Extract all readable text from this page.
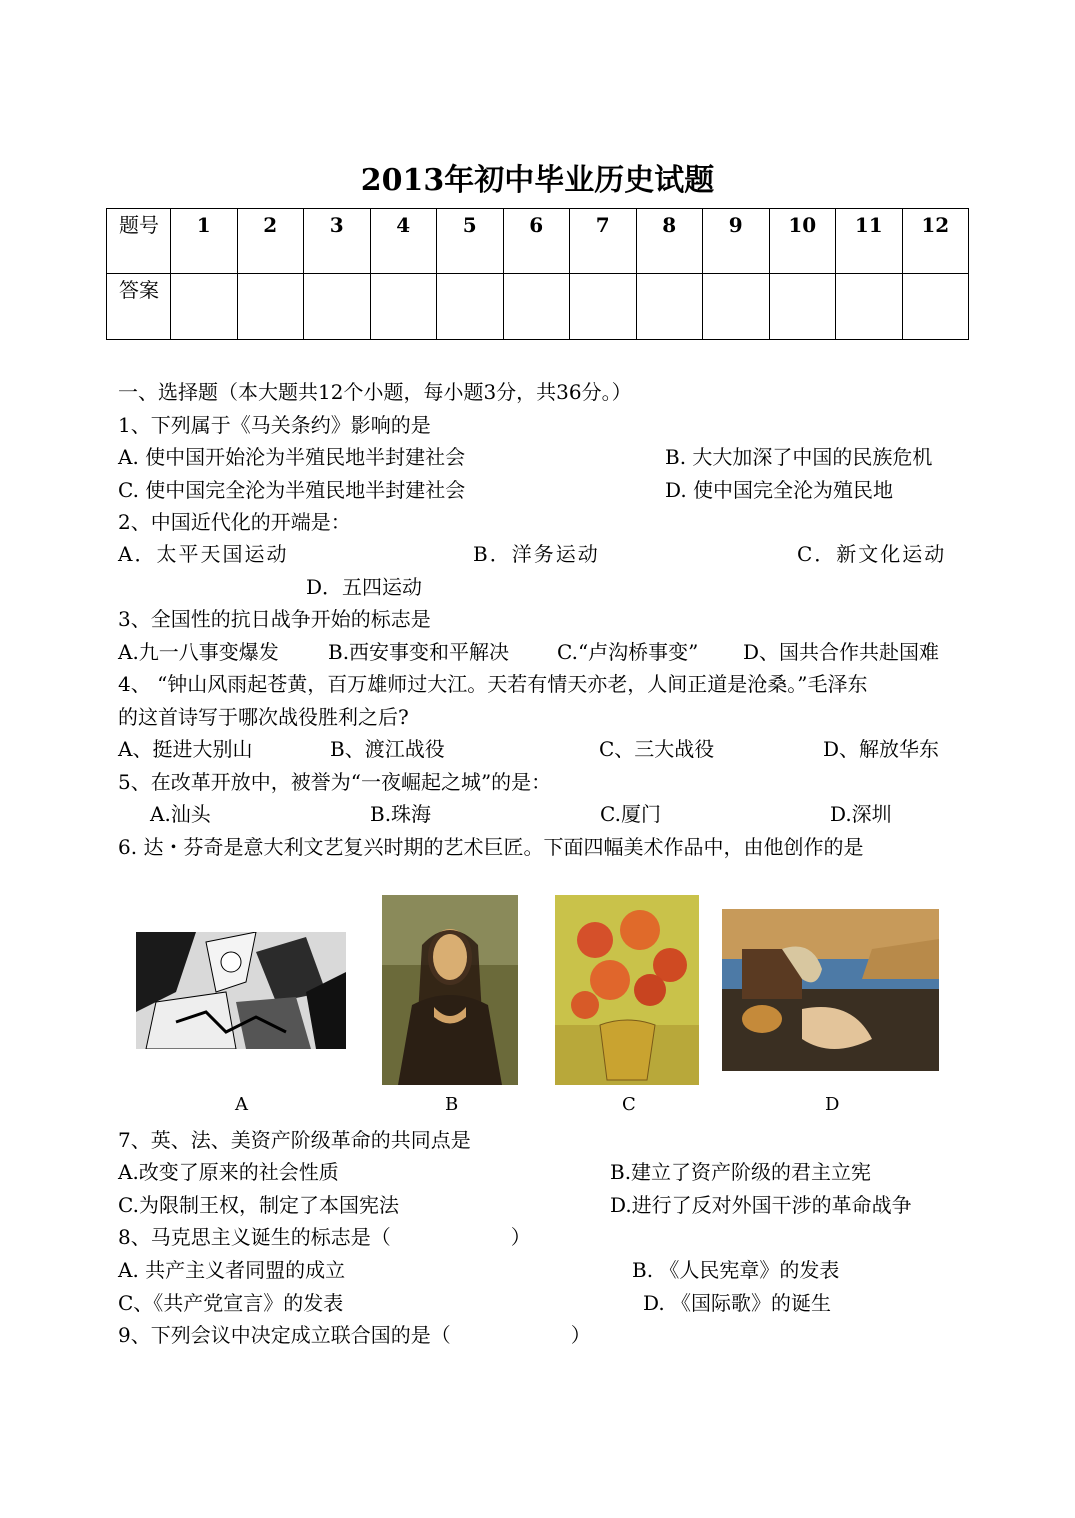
2013年初中毕业历史试题
题号	1	2	3	4	5	6	7	8	9	10	11	12
答案												
一、选择题（本大题共12个小题，每小题3分，共36分。）
1、下列属于《马关条约》影响的是
A. 使中国开始沦为半殖民地半封建社会	B. 大大加深了中国的民族危机
C. 使中国完全沦为半殖民地半封建社会	D. 使中国完全沦为殖民地
2、中国近代化的开端是：
A．太平天国运动	B．洋务运动	C．新文化运动
D．五四运动
3、全国性的抗日战争开始的标志是
A.九一八事变爆发 B.西安事变和平解决 C.“卢沟桥事变” D、国共合作共赴国难
4、 “钟山风雨起苍黄，百万雄师过大江。天若有情天亦老，人间正道是沧桑。”毛泽东
的这首诗写于哪次战役胜利之后?
A、挺进大别山	B、渡江战役	C、三大战役	D、解放华东
5、在改革开放中，被誉为“一夜崛起之城”的是：
A.汕头	B.珠海	C.厦门	D.深圳
6. 达・芬奇是意大利文艺复兴时期的艺术巨匠。下面四幅美术作品中，由他创作的是
A	B	C	D
7、英、法、美资产阶级革命的共同点是
A.改变了原来的社会性质	B.建立了资产阶级的君主立宪
C.为限制王权，制定了本国宪法	D.进行了反对外国干涉的革命战争
8、马克思主义诞生的标志是（　　　　　　）
A. 共产主义者同盟的成立	B. 《人民宪章》的发表
C、《共产党宣言》的发表	D. 《国际歌》的诞生
9、下列会议中决定成立联合国的是（　　　　　　）
